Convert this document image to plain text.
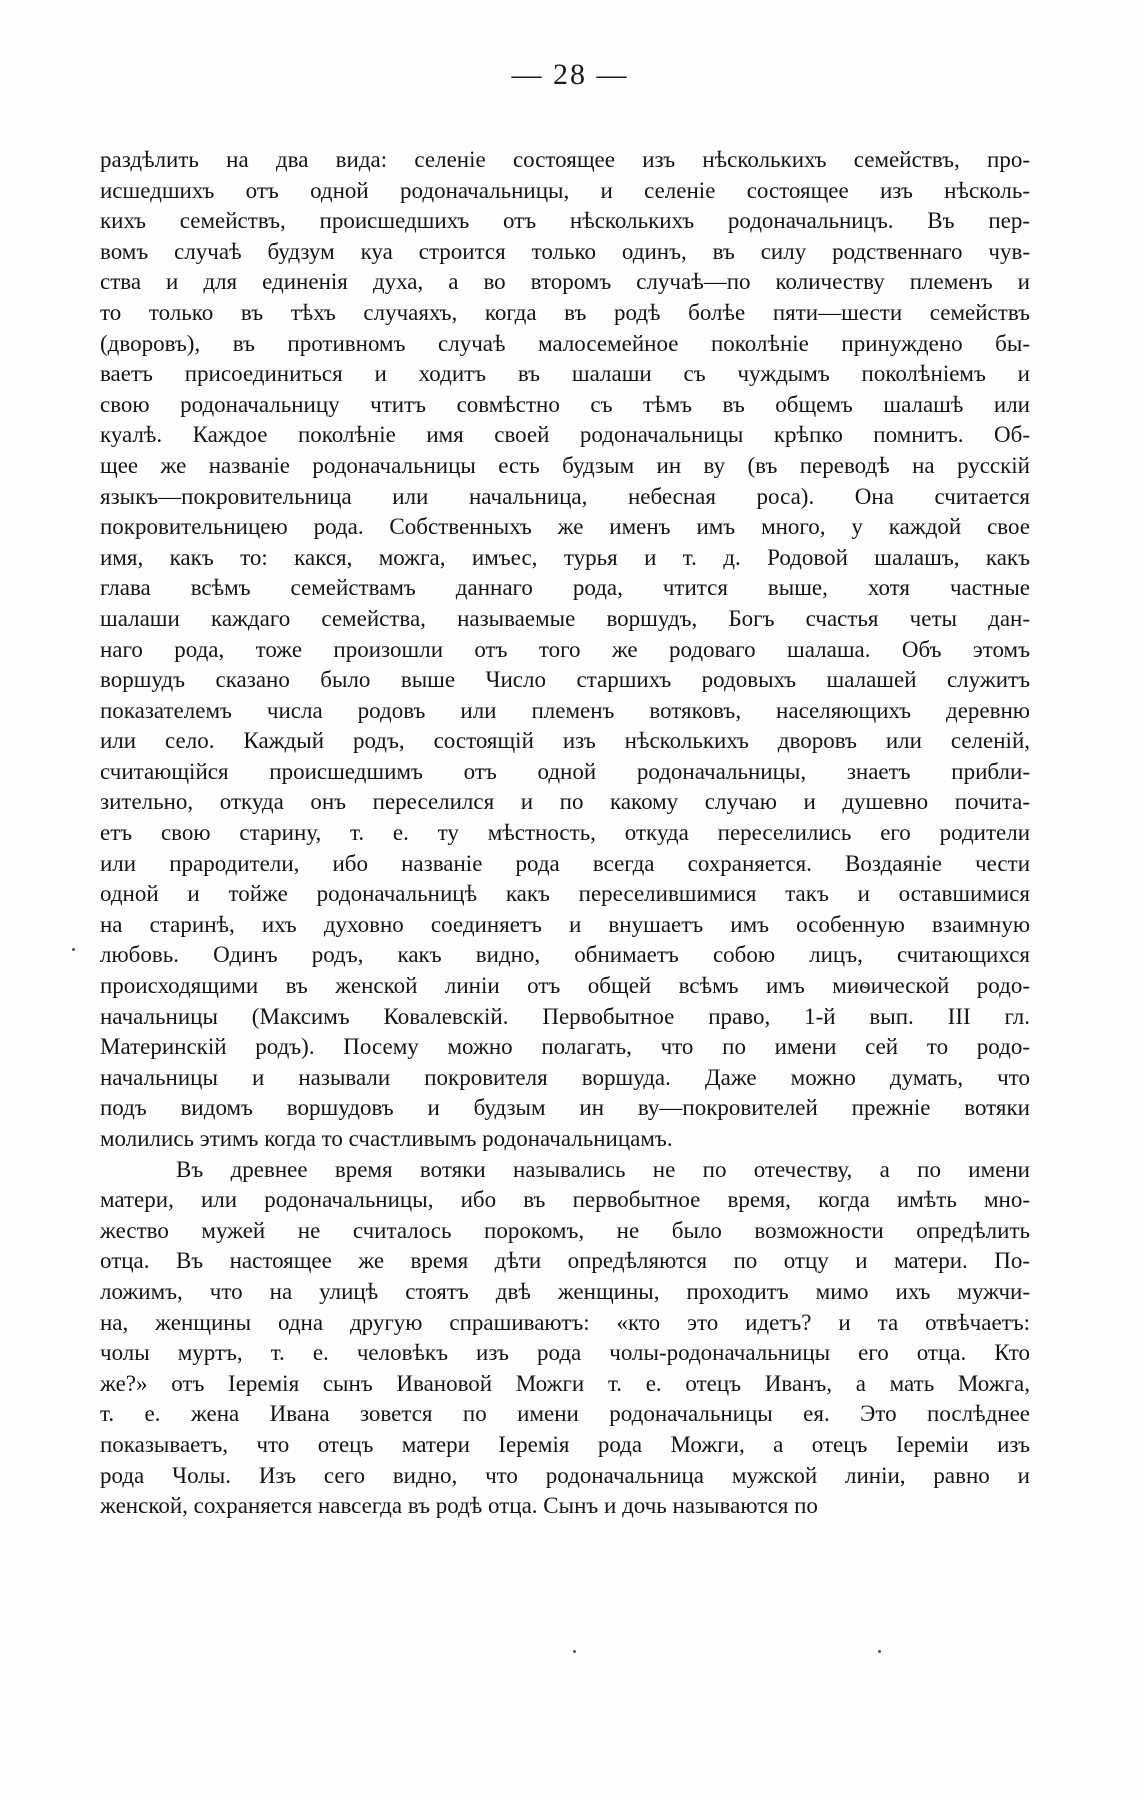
— 28 —
раздѣлить на два вида: селеніе состоящее изъ нѣсколькихъ семействъ, про-
исшедшихъ отъ одной родоначальницы, и селеніе состоящее изъ нѣсколь-
кихъ семействъ, происшедшихъ отъ нѣсколькихъ родоначальницъ. Въ пер-
вомъ случаѣ будзум куа строится только одинъ, въ силу родственнаго чув-
ства и для единенія духа, а во второмъ случаѣ—по количеству племенъ и
то только въ тѣхъ случаяхъ, когда въ родѣ болѣе пяти—шести семействъ
(дворовъ), въ противномъ случаѣ малосемейное поколѣніе принуждено бы-
ваетъ присоединиться и ходитъ въ шалаши съ чуждымъ поколѣніемъ и
свою родоначальницу чтитъ совмѣстно съ тѣмъ въ общемъ шалашѣ или
куалѣ. Каждое поколѣніе имя своей родоначальницы крѣпко помнитъ. Об-
щее же названіе родоначальницы есть будзым ин ву (въ переводѣ на русскій
языкъ—покровительница или начальница, небесная роса). Она считается
покровительницею рода. Собственныхъ же именъ имъ много, у каждой свое
имя, какъ то: какся, можга, имъес, турья и т. д. Родовой шалашъ, какъ
глава всѣмъ семействамъ даннаго рода, чтится выше, хотя частные
шалаши каждаго семейства, называемые воршудъ, Богъ счастья четы дан-
наго рода, тоже произошли отъ того же родоваго шалаша. Объ этомъ
воршудъ сказано было выше Число старшихъ родовыхъ шалашей служитъ
показателемъ числа родовъ или племенъ вотяковъ, населяющихъ деревню
или село. Каждый родъ, состоящій изъ нѣсколькихъ дворовъ или селеній,
считающійся происшедшимъ отъ одной родоначальницы, знаетъ прибли-
зительно, откуда онъ переселился и по какому случаю и душевно почита-
етъ свою старину, т. е. ту мѣстность, откуда переселились его родители
или прародители, ибо названіе рода всегда сохраняется. Воздаяніе чести
одной и тойже родоначальницѣ какъ переселившимися такъ и оставшимися
на старинѣ, ихъ духовно соединяетъ и внушаетъ имъ особенную взаимную
любовь. Одинъ родъ, какъ видно, обнимаетъ собою лицъ, считающихся
происходящими въ женской линіи отъ общей всѣмъ имъ миѳической родо-
начальницы (Максимъ Ковалевскій. Первобытное право, 1-й вып. III гл.
Материнскій родъ). Посему можно полагать, что по имени сей то родо-
начальницы и называли покровителя воршуда. Даже можно думать, что
подъ видомъ воршудовъ и будзым ин ву—покровителей прежніе вотяки
молились этимъ когда то счастливымъ родоначальницамъ.
Въ древнее время вотяки назывались не по отечеству, а по имени
матери, или родоначальницы, ибо въ первобытное время, когда имѣть мно-
жество мужей не считалось порокомъ, не было возможности опредѣлить
отца. Въ настоящее же время дѣти опредѣляются по отцу и матери. По-
ложимъ, что на улицѣ стоятъ двѣ женщины, проходитъ мимо ихъ мужчи-
на, женщины одна другую спрашиваютъ: «кто это идетъ? и та отвѣчаетъ:
чолы муртъ, т. е. человѣкъ изъ рода чолы-родоначальницы его отца. Кто
же?» отъ Іеремія сынъ Ивановой Можги т. е. отецъ Иванъ, а мать Можга,
т. е. жена Ивана зовется по имени родоначальницы ея. Это послѣднее
показываетъ, что отецъ матери Іеремія рода Можги, а отецъ Іереміи изъ
рода Чолы. Изъ сего видно, что родоначальница мужской линіи, равно и
женской, сохраняется навсегда въ родѣ отца. Сынъ и дочь называются по
